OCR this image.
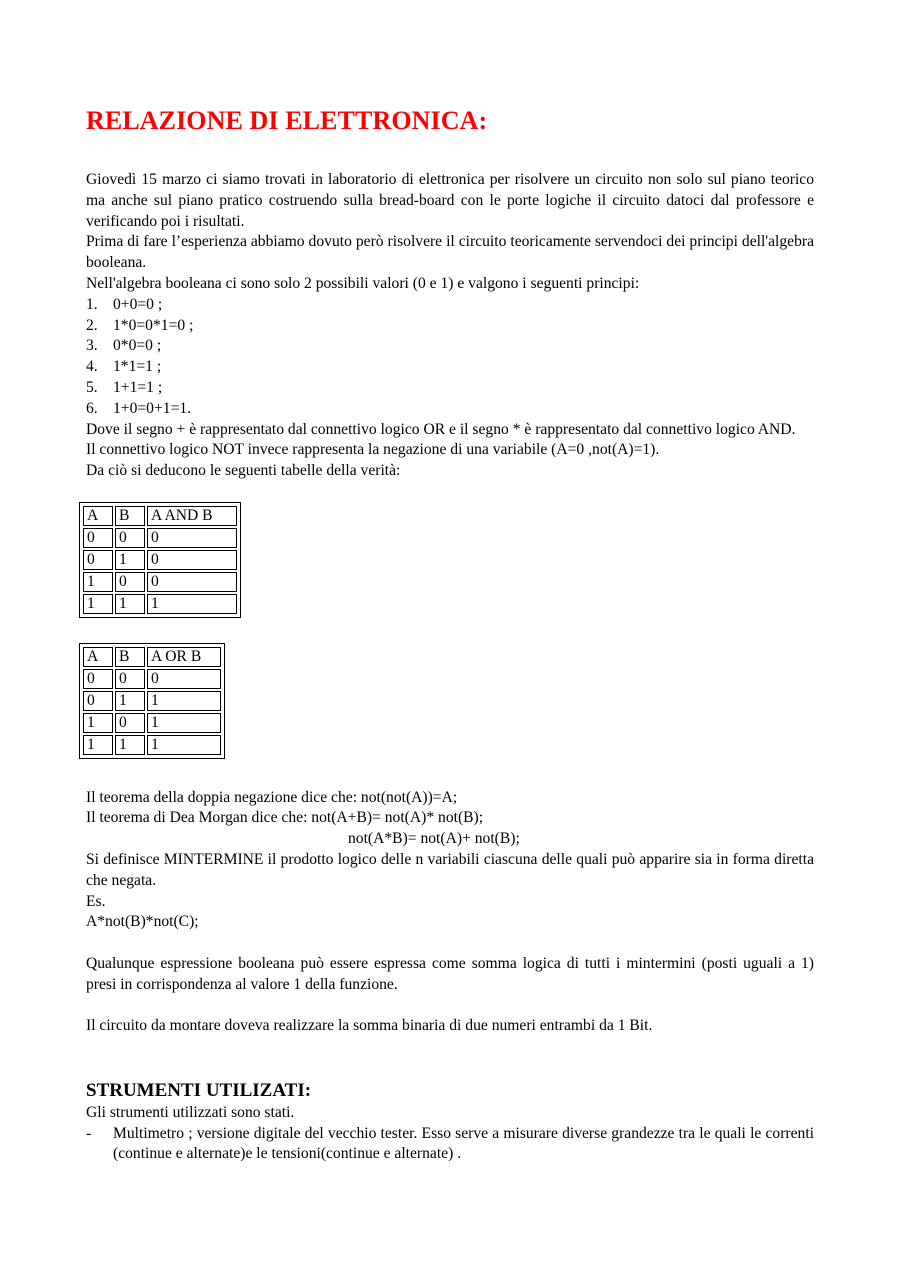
RELAZIONE DI ELETTRONICA:

Giovedì 15 marzo ci siamo trovati in laboratorio di elettronica per risolvere un circuito non solo sul piano teorico ma anche sul piano pratico costruendo sulla bread-board con le porte logiche il circuito datoci dal professore e verificando poi i risultati.

Prima di fare l’esperienza abbiamo dovuto però risolvere il circuito teoricamente servendoci dei principi dell'algebra booleana.

Nell'algebra booleana ci sono solo 2 possibili valori (0 e 1) e valgono i seguenti principi:

1. 0+0=0 ;
2. 1*0=0*1=0 ;
3. 0*0=0 ;
4. 1*1=1 ;
5. 1+1=1 ;
6. 1+0=0+1=1.

Dove il segno + è rappresentato dal connettivo logico OR e il segno * è rappresentato dal connettivo logico AND.

Il connettivo logico NOT invece rappresenta la negazione di una variabile (A=0 ,not(A)=1).

Da ciò si deducono le seguenti tabelle della verità:

A	B	A AND B
0	0	0
0	1	0
1	0	0
1	1	1
A	B	A OR B
0	0	0
0	1	1
1	0	1
1	1	1

Il teorema della doppia negazione dice che: not(not(A))=A;

Il teorema di Dea Morgan dice che: not(A+B)= not(A)* not(B);

not(A*B)= not(A)+ not(B);

Si definisce MINTERMINE il prodotto logico delle n variabili ciascuna delle quali può apparire sia in forma diretta che negata.

Es.

A*not(B)*not(C);

Qualunque espressione booleana può essere espressa come somma logica di tutti i mintermini (posti uguali a 1) presi in corrispondenza al valore 1 della funzione.

Il circuito da montare doveva realizzare la somma binaria di due numeri entrambi da 1 Bit.

STRUMENTI UTILIZATI:

Gli strumenti utilizzati sono stati.

-	Multimetro ; versione digitale del vecchio tester. Esso serve a misurare diverse grandezze tra le quali le correnti (continue e alternate)e le tensioni(continue e alternate) .
